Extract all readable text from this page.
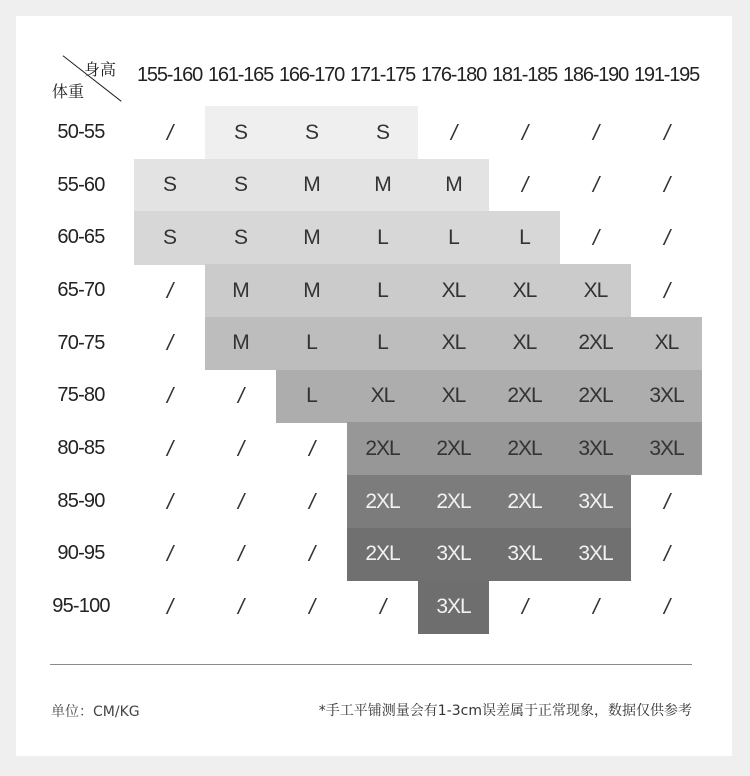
身高
体重
155-160 161-165 166-170 171-175 176-180 181-185 186-190 191-195
50-55	/	S	S	S	/	/	/	/
55-60	S	S	M	M	M	/	/	/
60-65	S	S	M	L	L	L	/	/
65-70	/	M	M	L	XL	XL	XL	/
70-75	/	M	L	L	XL	XL	2XL	XL
75-80	/	/	L	XL	XL	2XL	2XL	3XL
80-85	/	/	/	2XL	2XL	2XL	3XL	3XL
85-90	/	/	/	2XL	2XL	2XL	3XL	/
90-95	/	/	/	2XL	3XL	3XL	3XL	/
95-100	/	/	/	/	3XL	/	/	/
单位：CM/KG	*手工平铺测量会有1-3cm误差属于正常现象，数据仅供参考
